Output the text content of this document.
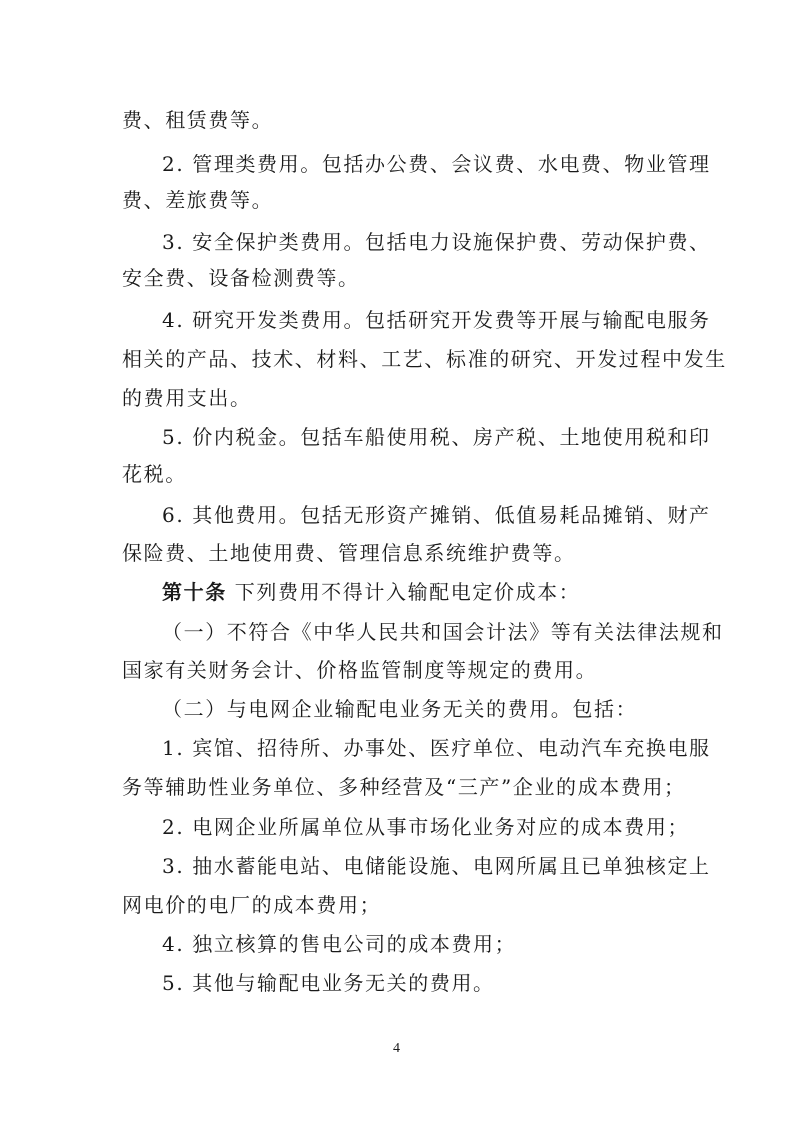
费、租赁费等。
2. 管理类费用。包括办公费、会议费、水电费、物业管理
费、差旅费等。
3. 安全保护类费用。包括电力设施保护费、劳动保护费、
安全费、设备检测费等。
4. 研究开发类费用。包括研究开发费等开展与输配电服务
相关的产品、技术、材料、工艺、标准的研究、开发过程中发生
的费用支出。
5. 价内税金。包括车船使用税、房产税、土地使用税和印
花税。
6. 其他费用。包括无形资产摊销、低值易耗品摊销、财产
保险费、土地使用费、管理信息系统维护费等。
第十条 下列费用不得计入输配电定价成本：
（一）不符合《中华人民共和国会计法》等有关法律法规和
国家有关财务会计、价格监管制度等规定的费用。
（二）与电网企业输配电业务无关的费用。包括：
1. 宾馆、招待所、办事处、医疗单位、电动汽车充换电服
务等辅助性业务单位、多种经营及“三产”企业的成本费用；
2. 电网企业所属单位从事市场化业务对应的成本费用；
3. 抽水蓄能电站、电储能设施、电网所属且已单独核定上
网电价的电厂的成本费用；
4. 独立核算的售电公司的成本费用；
5. 其他与输配电业务无关的费用。
4
